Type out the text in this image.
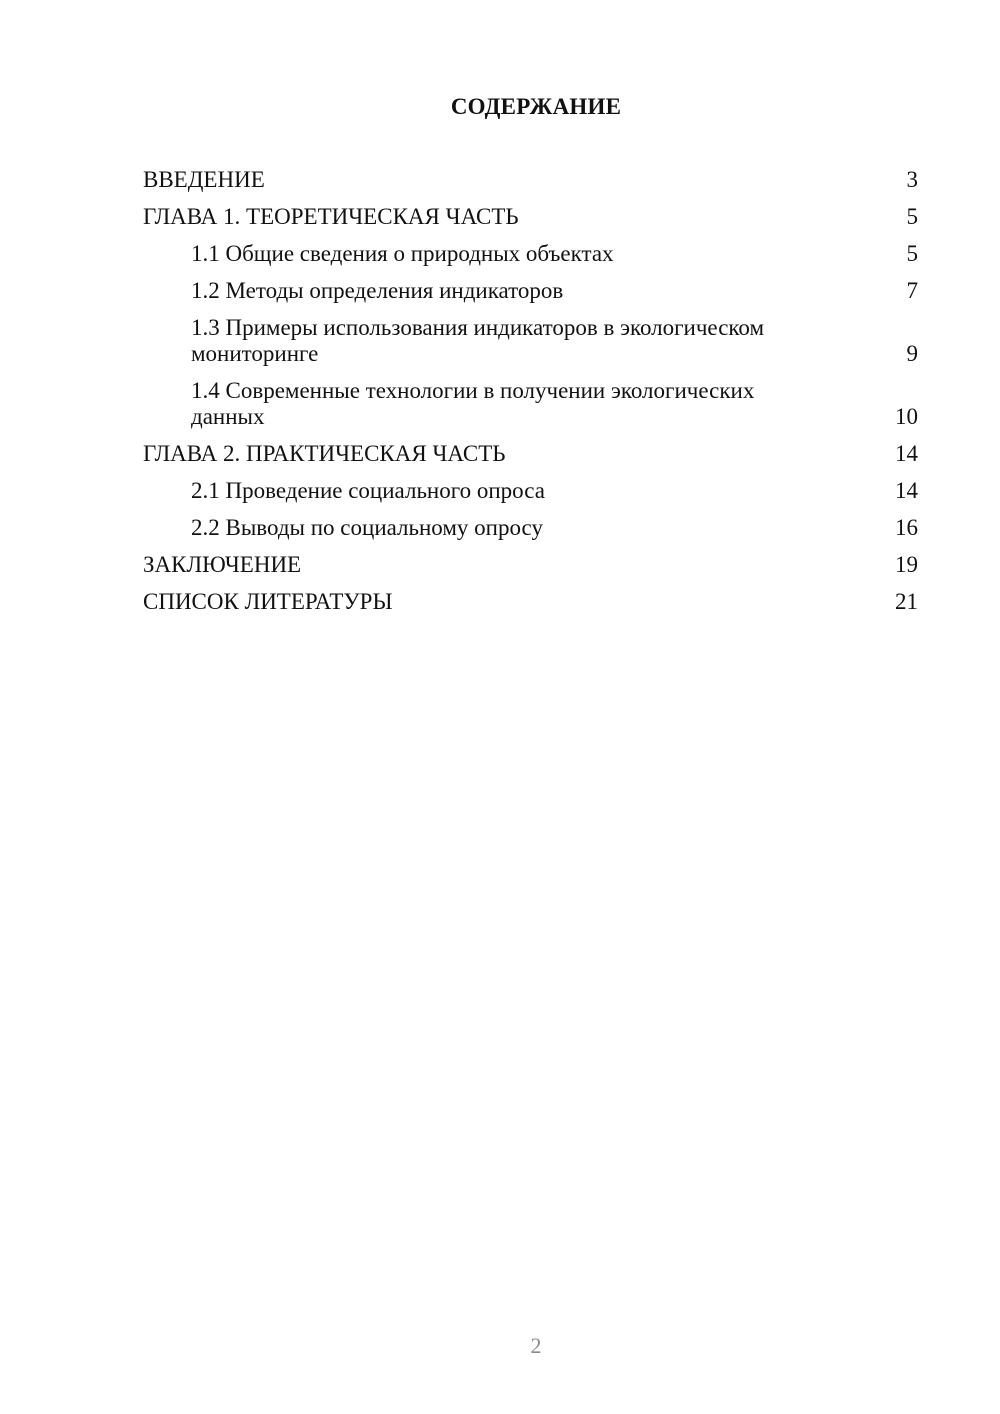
СОДЕРЖАНИЕ
ВВЕДЕНИЕ	3
ГЛАВА 1. ТЕОРЕТИЧЕСКАЯ ЧАСТЬ	5
1.1 Общие сведения о природных объектах	5
1.2 Методы определения индикаторов	7
1.3 Примеры использования индикаторов в экологическом мониторинге	9
1.4 Современные технологии в получении экологических данных	10
ГЛАВА 2. ПРАКТИЧЕСКАЯ ЧАСТЬ	14
2.1 Проведение социального опроса	14
2.2 Выводы по социальному опросу	16
ЗАКЛЮЧЕНИЕ	19
СПИСОК ЛИТЕРАТУРЫ	21
2
